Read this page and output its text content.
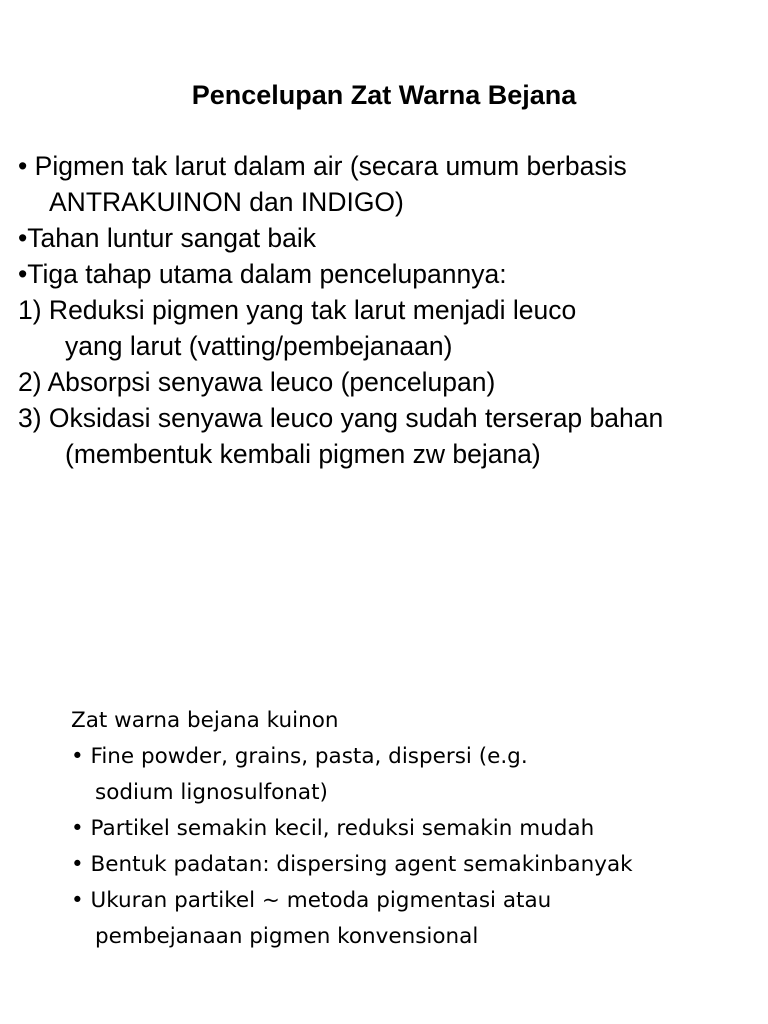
Pencelupan Zat Warna Bejana
• Pigmen tak larut dalam air (secara umum berbasis
ANTRAKUINON dan INDIGO)
•Tahan luntur sangat baik
•Tiga tahap utama dalam pencelupannya:
1) Reduksi pigmen yang tak larut menjadi leuco
yang larut (vatting/pembejanaan)
2) Absorpsi senyawa leuco (pencelupan)
3) Oksidasi senyawa leuco yang sudah terserap bahan
(membentuk kembali pigmen zw bejana)
Zat warna bejana kuinon
• Fine powder, grains, pasta, dispersi (e.g.
sodium lignosulfonat)
• Partikel semakin kecil, reduksi semakin mudah
• Bentuk padatan: dispersing agent semakinbanyak
• Ukuran partikel ~ metoda pigmentasi atau
pembejanaan pigmen konvensional
